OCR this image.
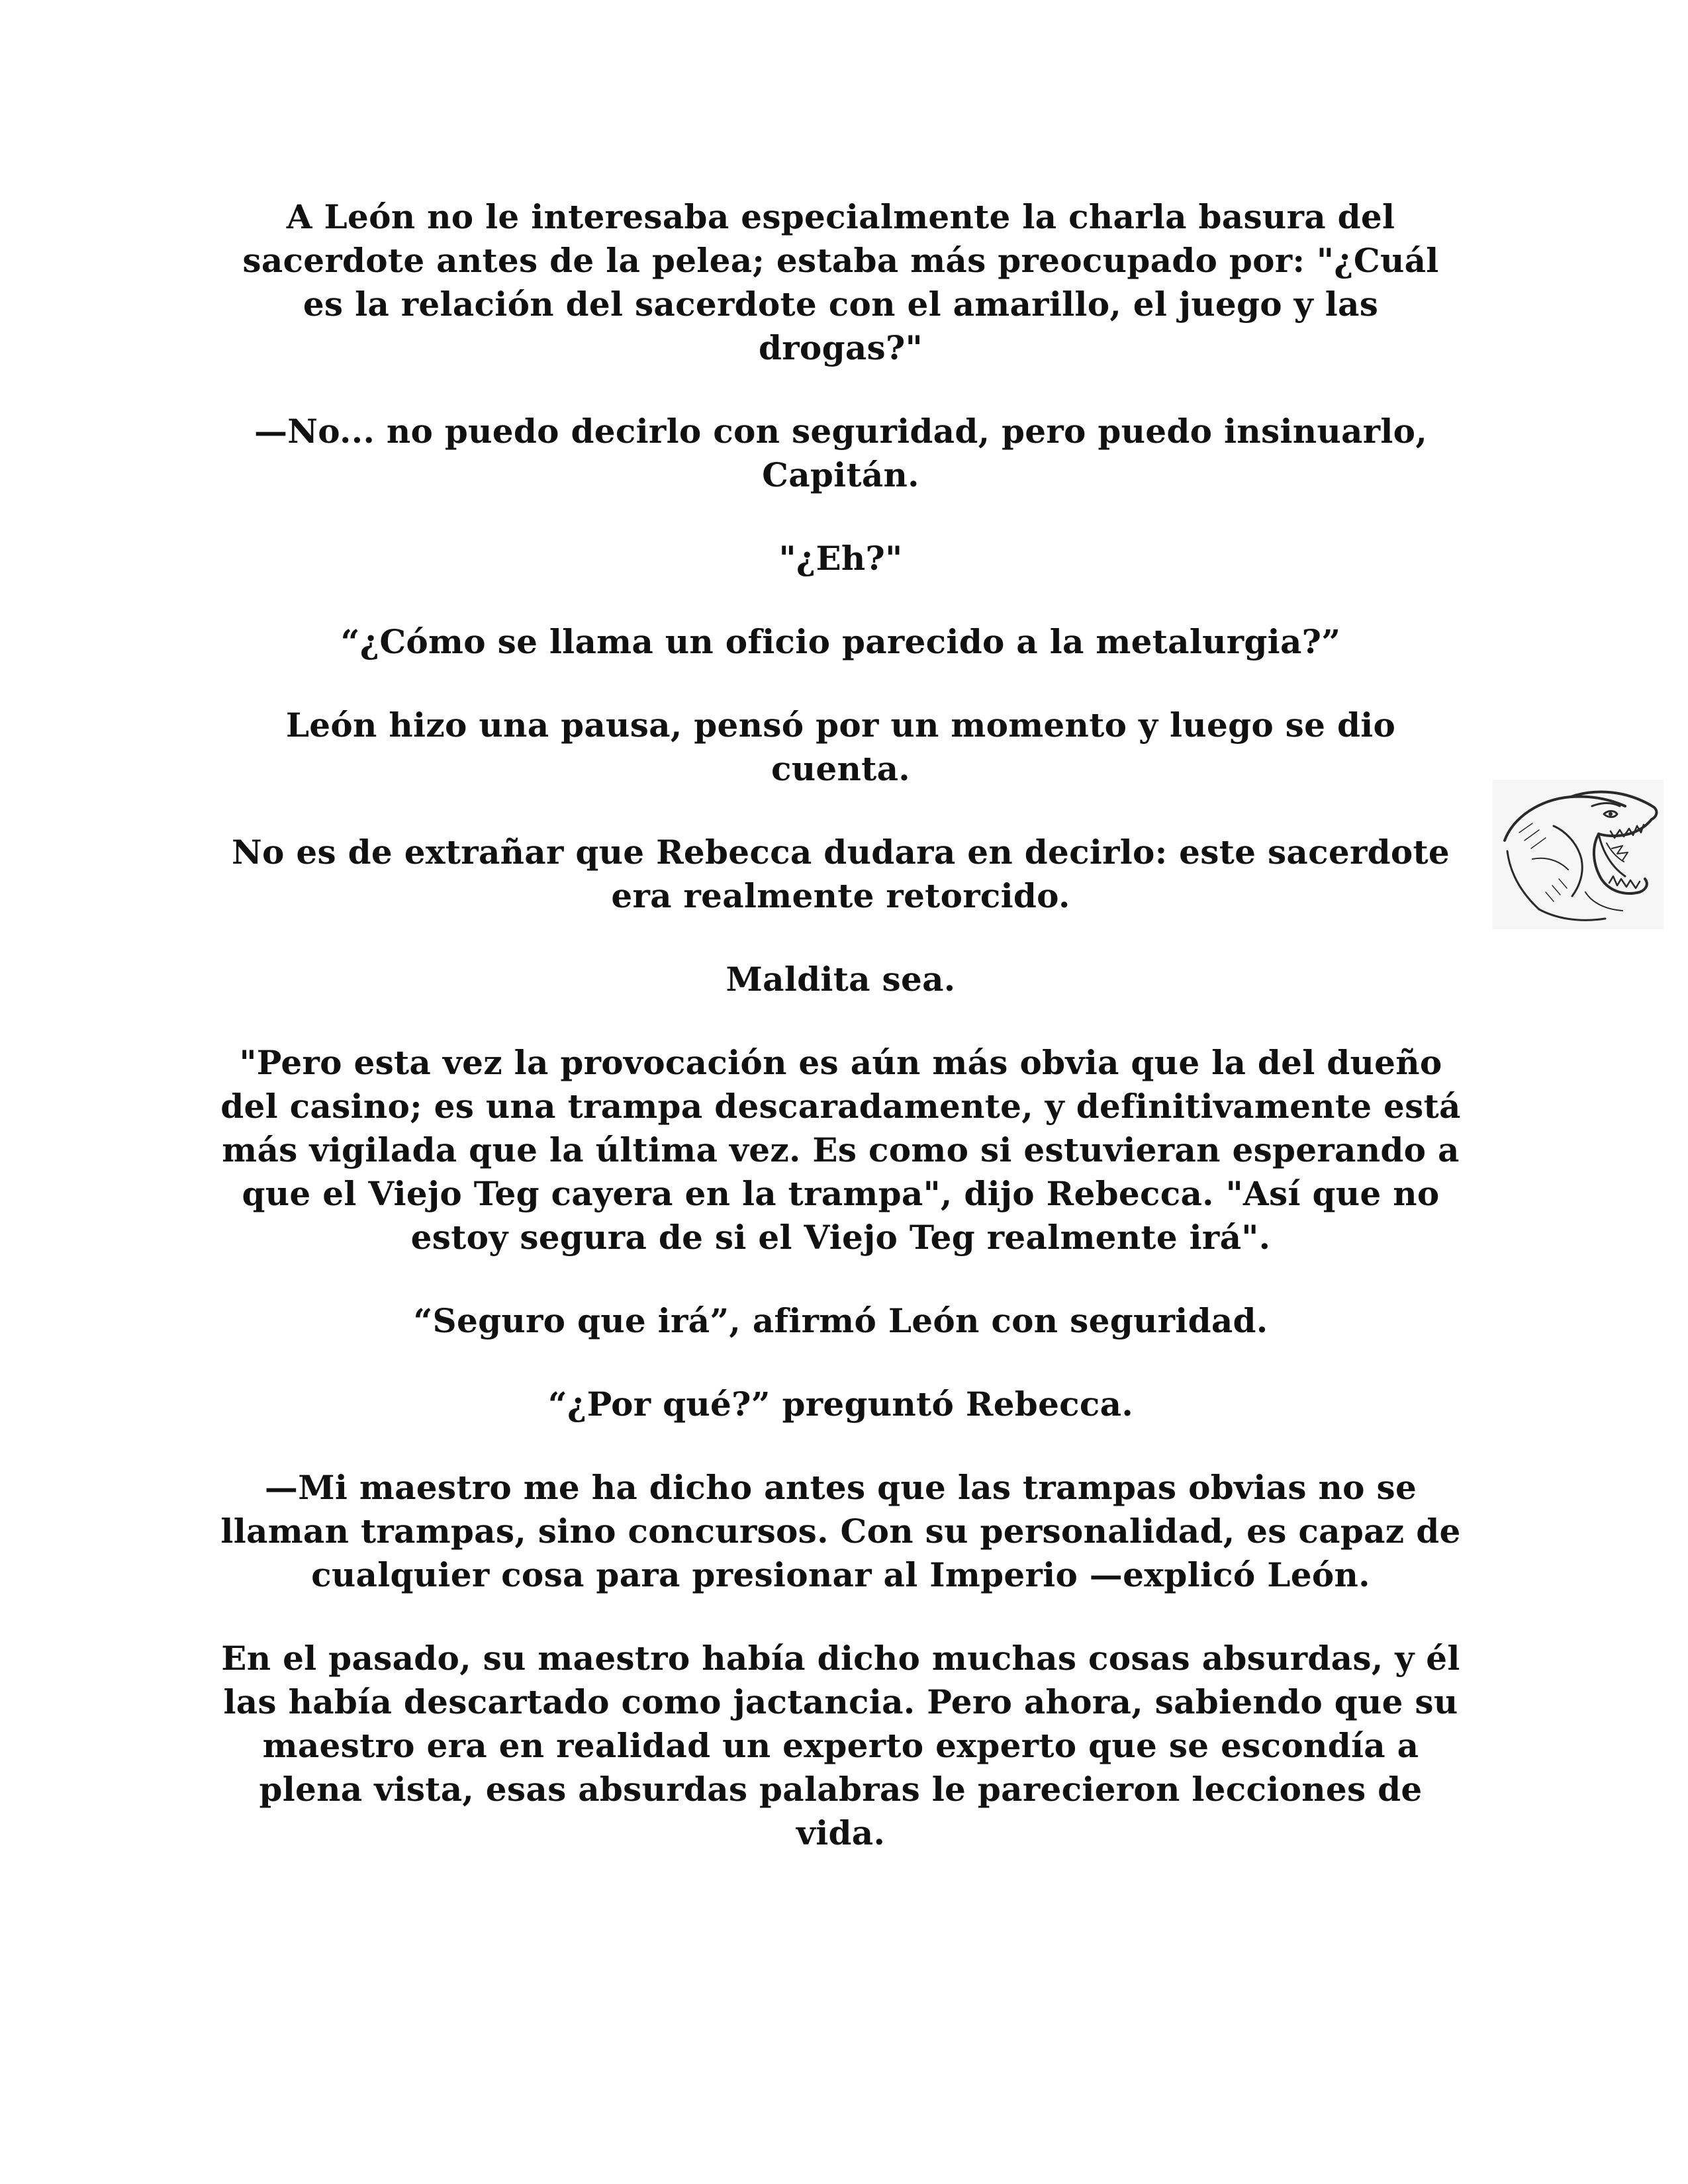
A León no le interesaba especialmente la charla basura del sacerdote antes de la pelea; estaba más preocupado por: "¿Cuál es la relación del sacerdote con el amarillo, el juego y las drogas?"

—No... no puedo decirlo con seguridad, pero puedo insinuarlo, Capitán.

"¿Eh?"

“¿Cómo se llama un oficio parecido a la metalurgia?”

León hizo una pausa, pensó por un momento y luego se dio cuenta.

No es de extrañar que Rebecca dudara en decirlo: este sacerdote era realmente retorcido.

Maldita sea.

"Pero esta vez la provocación es aún más obvia que la del dueño del casino; es una trampa descaradamente, y definitivamente está más vigilada que la última vez. Es como si estuvieran esperando a que el Viejo Teg cayera en la trampa", dijo Rebecca. "Así que no estoy segura de si el Viejo Teg realmente irá".

“Seguro que irá”, afirmó León con seguridad.

“¿Por qué?” preguntó Rebecca.

—Mi maestro me ha dicho antes que las trampas obvias no se llaman trampas, sino concursos. Con su personalidad, es capaz de cualquier cosa para presionar al Imperio —explicó León.

En el pasado, su maestro había dicho muchas cosas absurdas, y él las había descartado como jactancia. Pero ahora, sabiendo que su maestro era en realidad un experto experto que se escondía a plena vista, esas absurdas palabras le parecieron lecciones de vida.
